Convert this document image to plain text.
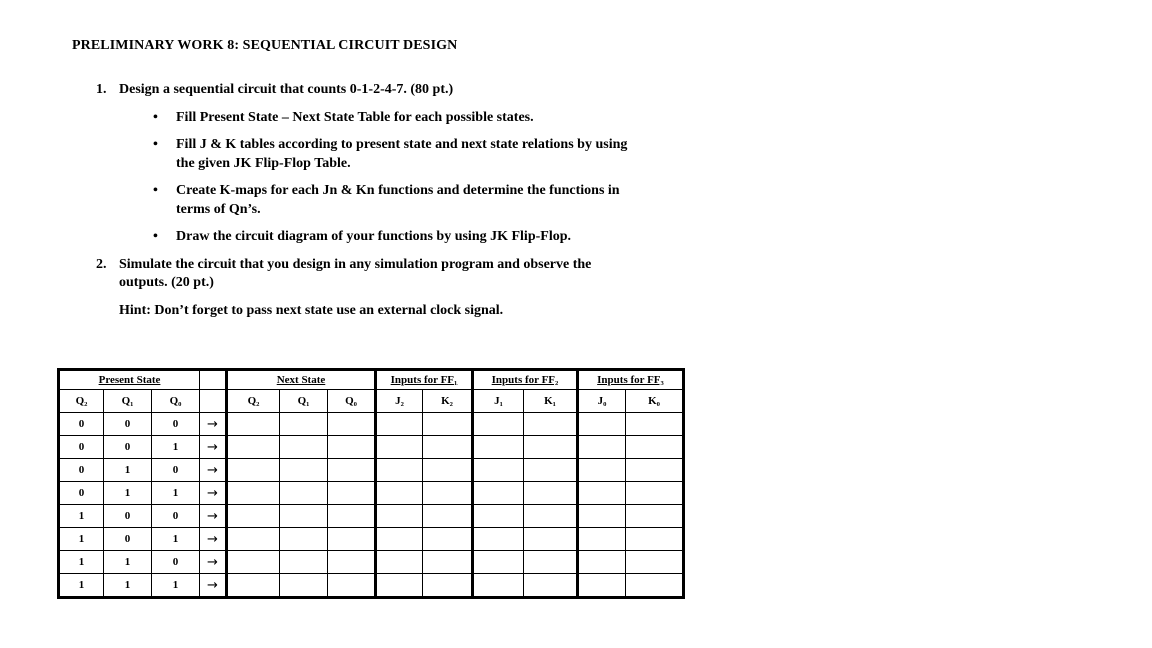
PRELIMINARY WORK 8: SEQUENTIAL CIRCUIT DESIGN
1. Design a sequential circuit that counts 0-1-2-4-7. (80 pt.)
• Fill Present State – Next State Table for each possible states.
• Fill J & K tables according to present state and next state relations by using
the given JK Flip-Flop Table.
• Create K-maps for each Jn & Kn functions and determine the functions in
terms of Qn’s.
• Draw the circuit diagram of your functions by using JK Flip-Flop.
2. Simulate the circuit that you design in any simulation program and observe the
outputs. (20 pt.)
Hint: Don’t forget to pass next state use an external clock signal.
Present State				Next State			Inputs for FF₁		Inputs for FF₂		Inputs for FF₃	
Q₂	Q₁	Q₀		Q₂	Q₁	Q₀	J₂	K₂	J₁	K₁	J₀	K₀
0	0	0	→									
0	0	1	→									
0	1	0	→									
0	1	1	→									
1	0	0	→									
1	0	1	→									
1	1	0	→									
1	1	1	→									
